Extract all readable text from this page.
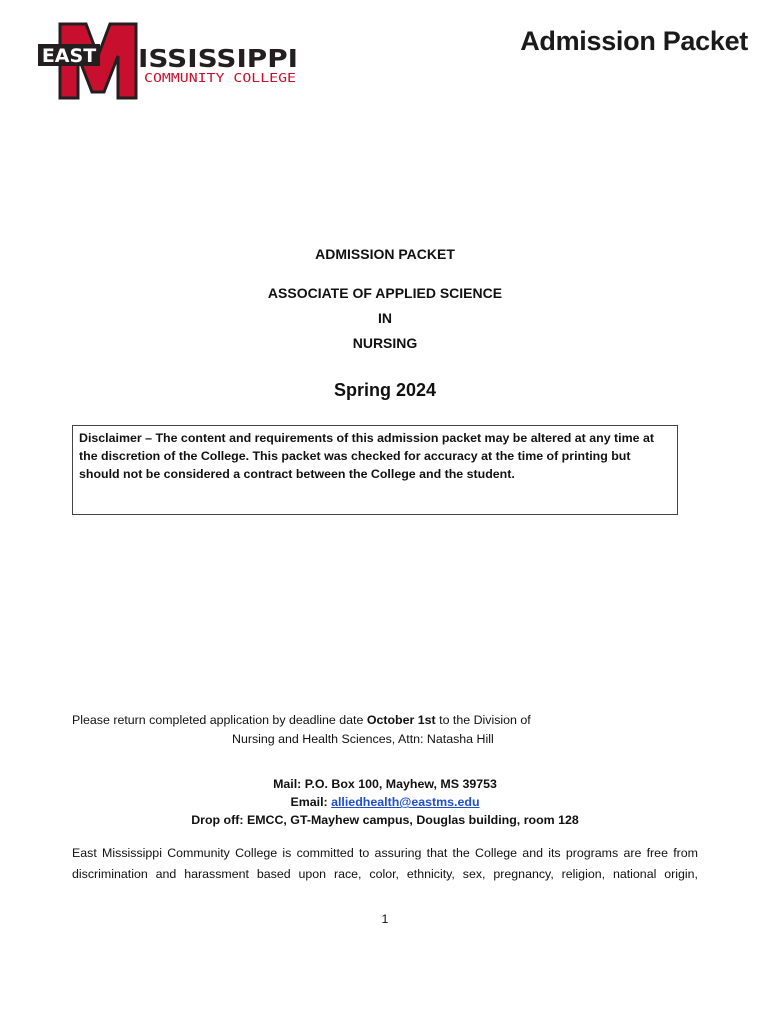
EAST ISSISSIPPI
COMMUNITY COLLEGE
Admission Packet
ADMISSION PACKET
ASSOCIATE OF APPLIED SCIENCE
IN
NURSING
Spring 2024
Disclaimer – The content and requirements of this admission packet may be altered at any time at the discretion of the College. This packet was checked for accuracy at the time of printing but should not be considered a contract between the College and the student.
Please return completed application by deadline date October 1st to the Division of
Nursing and Health Sciences, Attn: Natasha Hill
Mail: P.O. Box 100, Mayhew, MS 39753
Email: alliedhealth@eastms.edu
Drop off: EMCC, GT-Mayhew campus, Douglas building, room 128
East Mississippi Community College is committed to assuring that the College and its programs are free from discrimination and harassment based upon race, color, ethnicity, sex, pregnancy, religion, national origin,
1
